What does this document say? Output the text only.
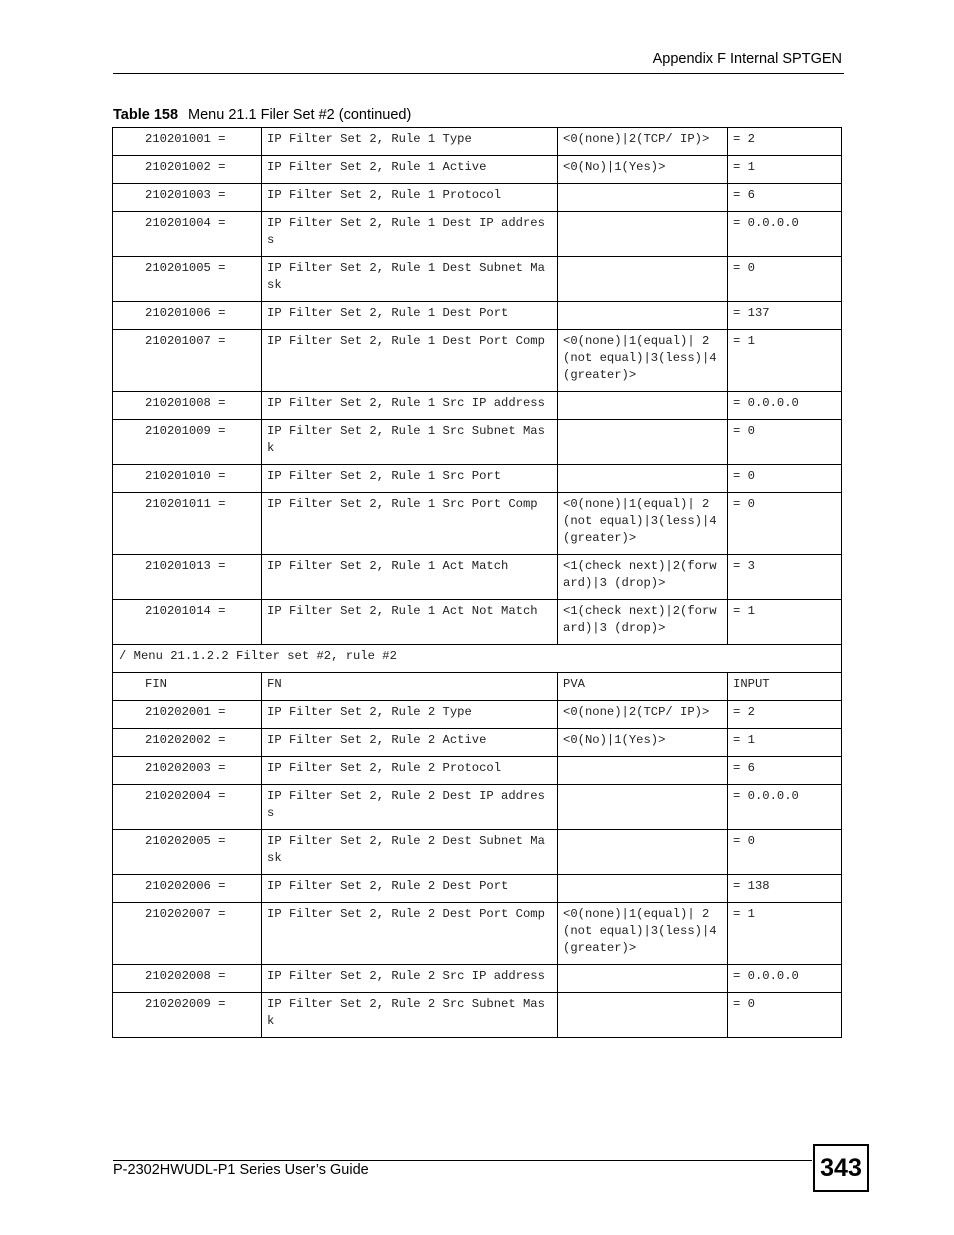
Appendix F Internal SPTGEN
Table 158 Menu 21.1 Filer Set #2 (continued)
210201001 =	IP Filter Set 2, Rule 1 Type	<0(none)|2(TCP/ IP)>	= 2
210201002 =	IP Filter Set 2, Rule 1 Active	<0(No)|1(Yes)>	= 1
210201003 =	IP Filter Set 2, Rule 1 Protocol		= 6
210201004 =	IP Filter Set 2, Rule 1 Dest IP address		= 0.0.0.0
210201005 =	IP Filter Set 2, Rule 1 Dest Subnet Mask		= 0
210201006 =	IP Filter Set 2, Rule 1 Dest Port		= 137
210201007 =	IP Filter Set 2, Rule 1 Dest Port Comp	<0(none)|1(equal)| 2(not equal)|3(less)|4(greater)>	= 1
210201008 =	IP Filter Set 2, Rule 1 Src IP address		= 0.0.0.0
210201009 =	IP Filter Set 2, Rule 1 Src Subnet Mask		= 0
210201010 =	IP Filter Set 2, Rule 1 Src Port		= 0
210201011 =	IP Filter Set 2, Rule 1 Src Port Comp	<0(none)|1(equal)| 2(not equal)|3(less)|4(greater)>	= 0
210201013 =	IP Filter Set 2, Rule 1 Act Match	<1(check next)|2(forward)|3 (drop)>	= 3
210201014 =	IP Filter Set 2, Rule 1 Act Not Match	<1(check next)|2(forward)|3 (drop)>	= 1
/ Menu 21.1.2.2 Filter set #2, rule #2			
FIN	FN	PVA	INPUT
210202001 =	IP Filter Set 2, Rule 2 Type	<0(none)|2(TCP/ IP)>	= 2
210202002 =	IP Filter Set 2, Rule 2 Active	<0(No)|1(Yes)>	= 1
210202003 =	IP Filter Set 2, Rule 2 Protocol		= 6
210202004 =	IP Filter Set 2, Rule 2 Dest IP address		= 0.0.0.0
210202005 =	IP Filter Set 2, Rule 2 Dest Subnet Mask		= 0
210202006 =	IP Filter Set 2, Rule 2 Dest Port		= 138
210202007 =	IP Filter Set 2, Rule 2 Dest Port Comp	<0(none)|1(equal)| 2(not equal)|3(less)|4(greater)>	= 1
210202008 =	IP Filter Set 2, Rule 2 Src IP address		= 0.0.0.0
210202009 =	IP Filter Set 2, Rule 2 Src Subnet Mask		= 0
P-2302HWUDL-P1 Series User’s Guide	343
